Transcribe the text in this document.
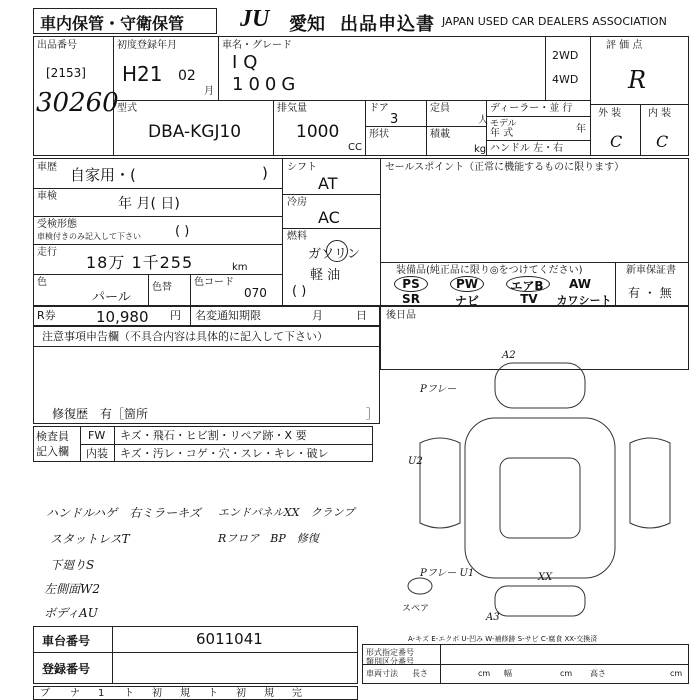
車内保管・守衛保管 JU 愛知 出品申込書 JAPAN USED CAR DEALERS ASSOCIATION
出品番号
[2153]
30260
初度登録年月
H21 02
月
車名・グレード
IQ
100G
2WD
4WD
評 価 点
R
外 装	内 装
C C
型式
DBA-KGJ10
排気量
1000
CC
ドア
3
定員
人
形状	積載
kg
ディーラー・並 行
モデル
年 式	年
ハンドル 左・右
車歴 自家用・(	)
車検	年 月( 日)
受検形態
車検付きのみ記入して下さい	( )
走行
18万 1千255	km
色
パール
色替 色コード
070
シフト
AT
冷房
AC
燃料
ガソリン
軽 油
( )
セールスポイント（正常に機能するものに限ります）
装備品(純正品に限り◎をつけてください)
PS	PW	エアB	AW
SR	ナビ	TV	カワシート
新車保証書
有 ・ 無
R券	10,980 円 名変通知期限	月	日 後日品
注意事項申告欄（不具合内容は具体的に記入して下さい）
修復歴　有［箇所	］
検査員
記入欄
FW キズ・飛石・ヒビ割・リペア跡・X 要
内装 キズ・汚レ・コゲ・穴・スレ・キレ・破レ
ハンドルハゲ　右ミラーキズ
スタットレスT
下廻りS
左側面W2
ボディAU
エンドパネルXX　クランプ
Rフロア　BP　修復
A2
Pフレー
U2
Pフレー U1	XX
スペア
A3
A-キズ E-エクボ U-凹み W-補修跡 S-サビ C-腐食 XX-交換済
車台番号	6011041
登録番号
形式指定番号
類別区分番号
車両寸法 長さ	cm 幅	cm 高さ	cm
ブ ナ 1 ト 初 規 ト 初 規 完
